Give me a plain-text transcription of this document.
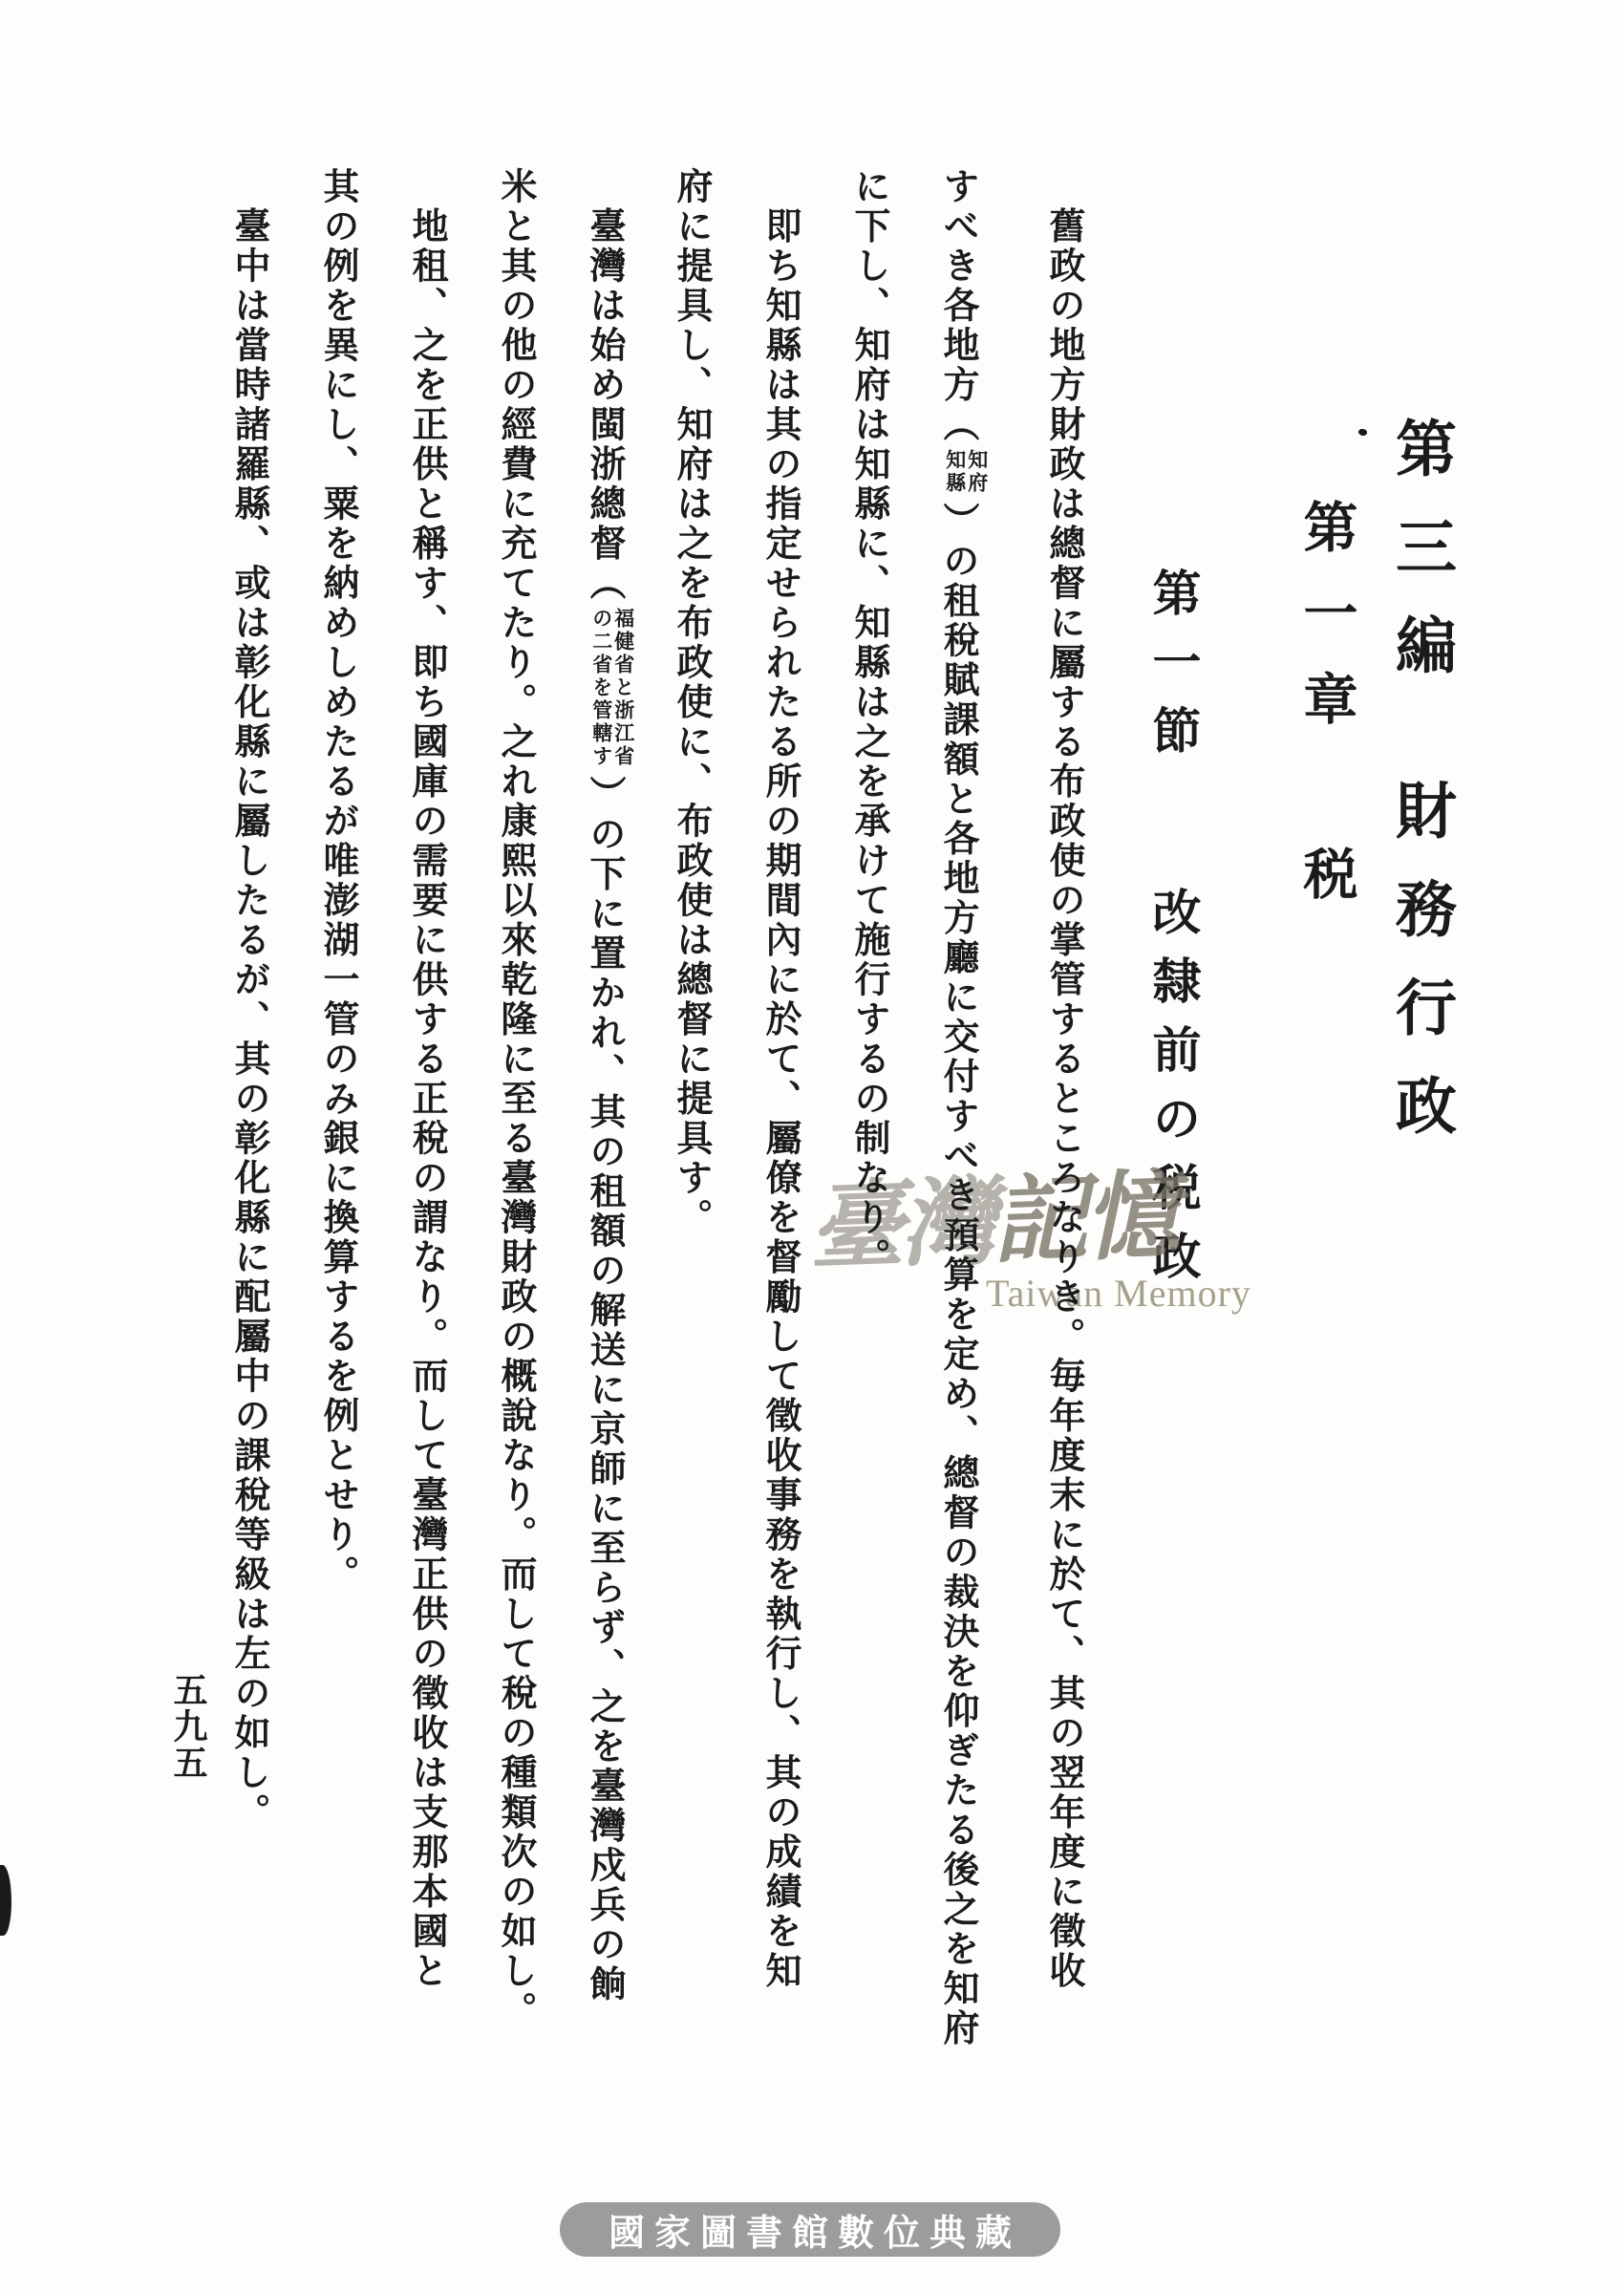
第三編
財務行政
第一章
税
第一節
改隸前の税政
五九五
臺灣記憶
Taiwan Memory
國家圖書館數位典藏
　舊政の地方財政は總督に屬する布政使の掌管するところなりき。毎年度末に於て、其の翌年度に徵收
すべき各地方（知府知縣）の租稅賦課額と各地方廳に交付すべき預算を定め、總督の裁決を仰ぎたる後之を知府
に下し、知府は知縣に、知縣は之を承けて施行するの制なり。
　即ち知縣は其の指定せられたる所の期間內に於て、屬僚を督勵して徵收事務を執行し、其の成績を知
府に提具し、知府は之を布政使に、布政使は總督に提具す。
　臺灣は始め閩浙總督（福健省と浙江省の二省を管轄す）の下に置かれ、其の租額の解送に京師に至らず、之を臺灣戍兵の餉
米と其の他の經費に充てたり。之れ康熙以來乾隆に至る臺灣財政の概說なり。而して稅の種類次の如し。
　地租、之を正供と稱す、即ち國庫の需要に供する正稅の謂なり。而して臺灣正供の徵收は支那本國と
其の例を異にし、粟を納めしめたるが唯澎湖一管のみ銀に換算するを例とせり。
　臺中は當時諸羅縣、或は彰化縣に屬したるが、其の彰化縣に配屬中の課稅等級は左の如し。
